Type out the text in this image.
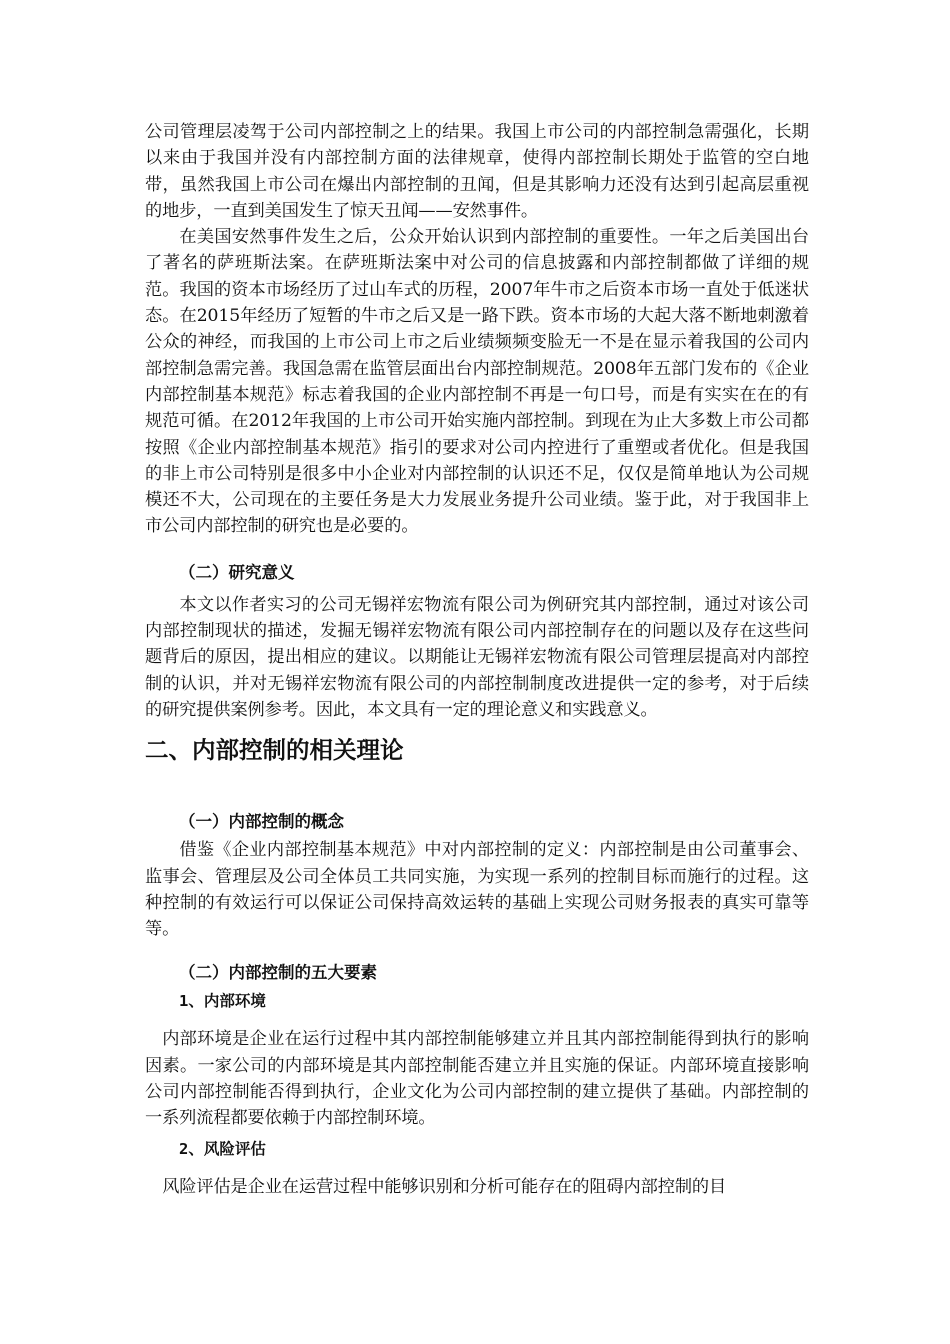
公司管理层凌驾于公司内部控制之上的结果。我国上市公司的内部控制急需强化，长期以来由于我国并没有内部控制方面的法律规章，使得内部控制长期处于监管的空白地带，虽然我国上市公司在爆出内部控制的丑闻，但是其影响力还没有达到引起高层重视的地步，一直到美国发生了惊天丑闻——安然事件。

在美国安然事件发生之后，公众开始认识到内部控制的重要性。一年之后美国出台了著名的萨班斯法案。在萨班斯法案中对公司的信息披露和内部控制都做了详细的规范。我国的资本市场经历了过山车式的历程，2007年牛市之后资本市场一直处于低迷状态。在2015年经历了短暂的牛市之后又是一路下跌。资本市场的大起大落不断地刺激着公众的神经，而我国的上市公司上市之后业绩频频变脸无一不是在显示着我国的公司内部控制急需完善。我国急需在监管层面出台内部控制规范。2008年五部门发布的《企业内部控制基本规范》标志着我国的企业内部控制不再是一句口号，而是有实实在在的有规范可循。在2012年我国的上市公司开始实施内部控制。到现在为止大多数上市公司都按照《企业内部控制基本规范》指引的要求对公司内控进行了重塑或者优化。但是我国的非上市公司特别是很多中小企业对内部控制的认识还不足，仅仅是简单地认为公司规模还不大，公司现在的主要任务是大力发展业务提升公司业绩。鉴于此，对于我国非上市公司内部控制的研究也是必要的。

（二）研究意义

本文以作者实习的公司无锡祥宏物流有限公司为例研究其内部控制，通过对该公司内部控制现状的描述，发掘无锡祥宏物流有限公司内部控制存在的问题以及存在这些问题背后的原因，提出相应的建议。以期能让无锡祥宏物流有限公司管理层提高对内部控制的认识，并对无锡祥宏物流有限公司的内部控制制度改进提供一定的参考，对于后续的研究提供案例参考。因此，本文具有一定的理论意义和实践意义。

二、内部控制的相关理论
（一）内部控制的概念

借鉴《企业内部控制基本规范》中对内部控制的定义：内部控制是由公司董事会、监事会、管理层及公司全体员工共同实施，为实现一系列的控制目标而施行的过程。这种控制的有效运行可以保证公司保持高效运转的基础上实现公司财务报表的真实可靠等等。

（二）内部控制的五大要素
1、内部环境

内部环境是企业在运行过程中其内部控制能够建立并且其内部控制能得到执行的影响因素。一家公司的内部环境是其内部控制能否建立并且实施的保证。内部环境直接影响公司内部控制能否得到执行，企业文化为公司内部控制的建立提供了基础。内部控制的一系列流程都要依赖于内部控制环境。

2、风险评估

风险评估是企业在运营过程中能够识别和分析可能存在的阻碍内部控制的目
